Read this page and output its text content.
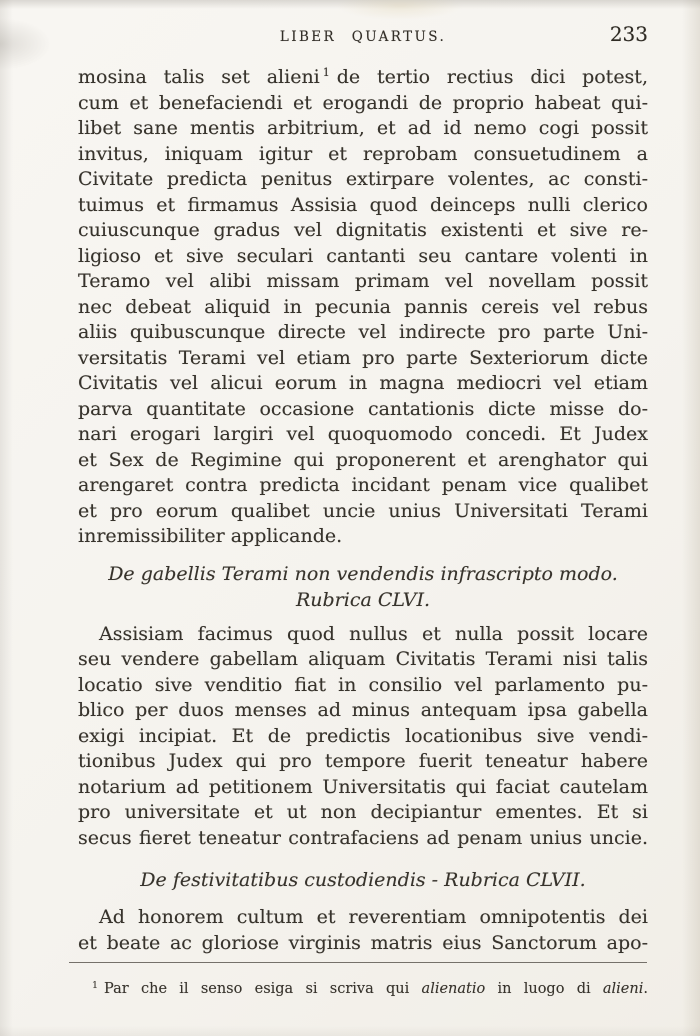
LIBER QUARTUS.	233
mosina talis set alieni $^1$ de tertio rectius dici potest,
cum et benefaciendi et erogandi de proprio habeat qui-
libet sane mentis arbitrium, et ad id nemo cogi possit
invitus, iniquam igitur et reprobam consuetudinem a
Civitate predicta penitus extirpare volentes, ac consti-
tuimus et firmamus Assisia quod deinceps nulli clerico
cuiuscunque gradus vel dignitatis existenti et sive re-
ligioso et sive seculari cantanti seu cantare volenti in
Teramo vel alibi missam primam vel novellam possit
nec debeat aliquid in pecunia pannis cereis vel rebus
aliis quibuscunque directe vel indirecte pro parte Uni-
versitatis Terami vel etiam pro parte Sexteriorum dicte
Civitatis vel alicui eorum in magna mediocri vel etiam
parva quantitate occasione cantationis dicte misse do-
nari erogari largiri vel quoquomodo concedi. Et Judex
et Sex de Regimine qui proponerent et arenghator qui
arengaret contra predicta incidant penam vice qualibet
et pro eorum qualibet uncie unius Universitati Terami
inremissibiliter applicande.
De gabellis Terami non vendendis infrascripto modo.
Rubrica CLVI.
Assisiam facimus quod nullus et nulla possit locare
seu vendere gabellam aliquam Civitatis Terami nisi talis
locatio sive venditio fiat in consilio vel parlamento pu-
blico per duos menses ad minus antequam ipsa gabella
exigi incipiat. Et de predictis locationibus sive vendi-
tionibus Judex qui pro tempore fuerit teneatur habere
notarium ad petitionem Universitatis qui faciat cautelam
pro universitate et ut non decipiantur ementes. Et si
secus fieret teneatur contrafaciens ad penam unius uncie.
De festivitatibus custodiendis - Rubrica CLVII.
Ad honorem cultum et reverentiam omnipotentis dei
et beate ac gloriose virginis matris eius Sanctorum apo-
$^1$ Par che il senso esiga si scriva qui alienatio in luogo di alieni.
